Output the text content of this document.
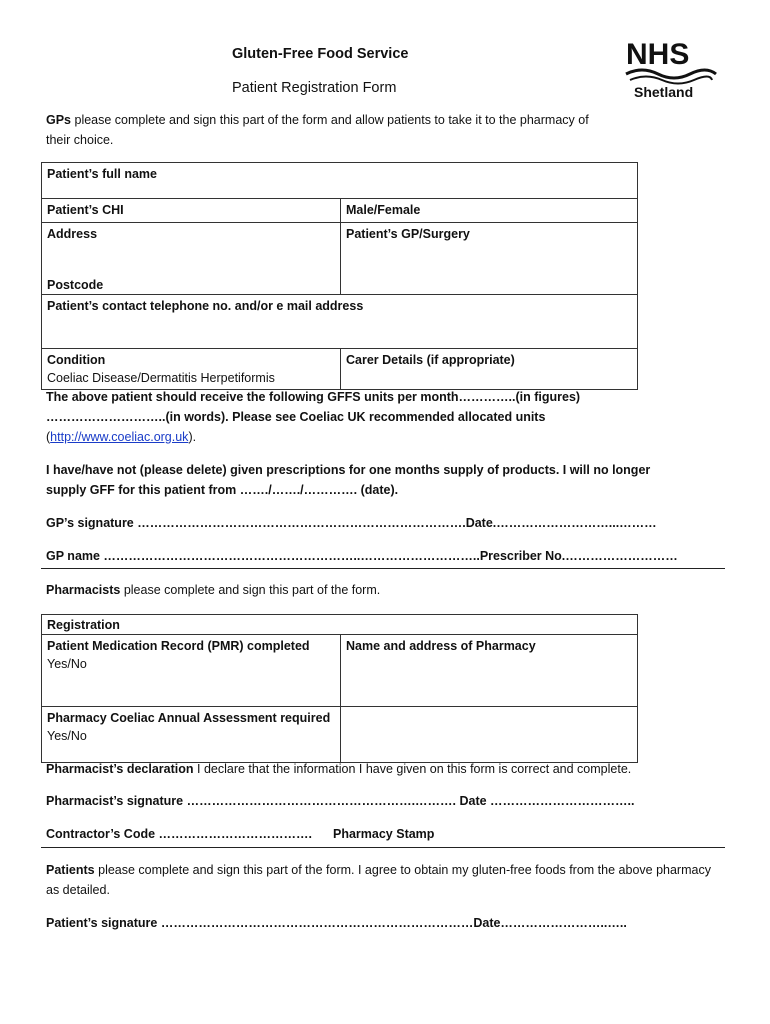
Gluten-Free Food Service
Patient Registration Form
NHS
Shetland
GPs please complete and sign this part of the form and allow patients to take it to the pharmacy of their choice.
Patient’s full name	
Patient’s CHI	Male/Female

Address
Postcode	Patient’s GP/Surgery
Patient’s contact telephone no. and/or e mail address	

Condition
Coeliac Disease/Dermatitis Herpetiformis	Carer Details (if appropriate)
The above patient should receive the following GFFS units per month…………..(in figures)
………………………..(in words). Please see Coeliac UK recommended allocated units
(http://www.coeliac.org.uk).
I have/have not (please delete) given prescriptions for one months supply of products. I will no longer
supply GFF for this patient from ……./……./…………. (date).
GP’s signature …………………………………………………………………….Date.………………………...………
GP name ……………………………………………………..………………………..Prescriber No.………………………
Pharmacists please complete and sign this part of the form.
Registration	

Patient Medication Record (PMR) completed
Yes/No	Name and address of Pharmacy

Pharmacy Coeliac Annual Assessment required
Yes/No	

Pharmacist’s declaration I declare that the information I have given on this form is correct and complete.
Pharmacist’s signature ……………………………………………….………. Date ……………………………..
Contractor’s Code ………………………………. Pharmacy Stamp
Patients please complete and sign this part of the form. I agree to obtain my gluten-free foods from the above pharmacy as detailed.
Patient’s signature …………………………………………………………………Date……………………..…..
